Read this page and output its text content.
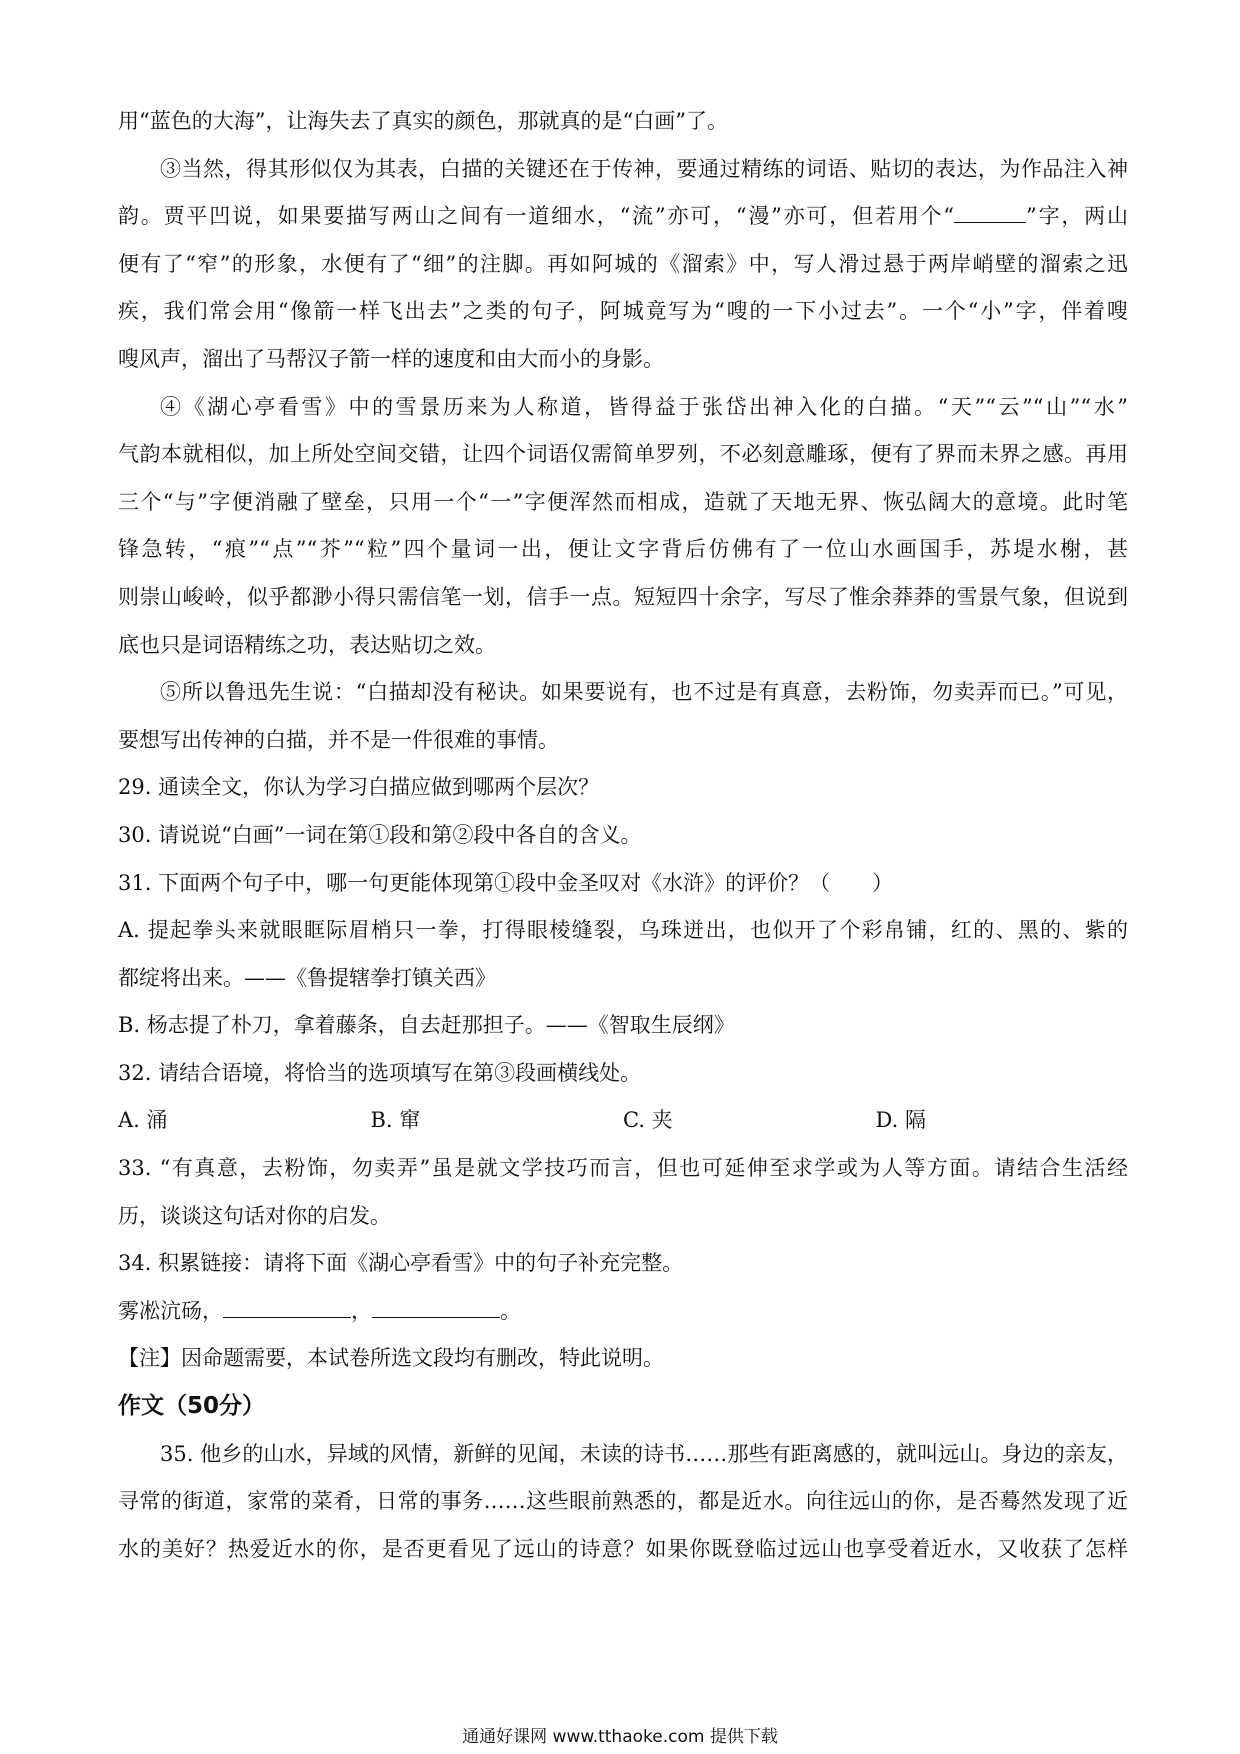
用“蓝色的大海”，让海失去了真实的颜色，那就真的是“白画”了。
③当然，得其形似仅为其表，白描的关键还在于传神，要通过精练的词语、贴切的表达，为作品注入神
韵。贾平凹说，如果要描写两山之间有一道细水，“流”亦可，“漫”亦可，但若用个“	”字，两山
便有了“窄”的形象，水便有了“细”的注脚。再如阿城的《溜索》中，写人滑过悬于两岸峭壁的溜索之迅
疾，我们常会用“像箭一样飞出去”之类的句子，阿城竟写为“嗖的一下小过去”。一个“小”字，伴着嗖
嗖风声，溜出了马帮汉子箭一样的速度和由大而小的身影。
④《湖心亭看雪》中的雪景历来为人称道，皆得益于张岱出神入化的白描。“天”“云”“山”“水”
气韵本就相似，加上所处空间交错，让四个词语仅需简单罗列，不必刻意雕琢，便有了界而未界之感。再用
三个“与”字便消融了壁垒，只用一个“一”字便浑然而相成，造就了天地无界、恢弘阔大的意境。此时笔
锋急转，“痕”“点”“芥”“粒”四个量词一出，便让文字背后仿佛有了一位山水画国手，苏堤水榭，甚
则崇山峻岭，似乎都渺小得只需信笔一划，信手一点。短短四十余字，写尽了惟余莽莽的雪景气象，但说到
底也只是词语精练之功，表达贴切之效。
⑤所以鲁迅先生说：“白描却没有秘诀。如果要说有，也不过是有真意，去粉饰，勿卖弄而已。”可见，
要想写出传神的白描，并不是一件很难的事情。
29. 通读全文，你认为学习白描应做到哪两个层次？
30. 请说说“白画”一词在第①段和第②段中各自的含义。
31. 下面两个句子中，哪一句更能体现第①段中金圣叹对《水浒》的评价？（　　）
A. 提起拳头来就眼眶际眉梢只一拳，打得眼棱缝裂，乌珠迸出，也似开了个彩帛铺，红的、黑的、紫的
都绽将出来。——《鲁提辖拳打镇关西》
B. 杨志提了朴刀，拿着藤条，自去赶那担子。——《智取生辰纲》
32. 请结合语境，将恰当的选项填写在第③段画横线处。
A. 涌	B. 窜	C. 夹	D. 隔
33. “有真意，去粉饰，勿卖弄”虽是就文学技巧而言，但也可延伸至求学或为人等方面。请结合生活经
历，谈谈这句话对你的启发。
34. 积累链接：请将下面《湖心亭看雪》中的句子补充完整。
雾凇沆砀，	，	。
【注】因命题需要，本试卷所选文段均有删改，特此说明。
作文（50分）
35. 他乡的山水，异域的风情，新鲜的见闻，未读的诗书……那些有距离感的，就叫远山。身边的亲友，
寻常的街道，家常的菜肴，日常的事务……这些眼前熟悉的，都是近水。向往远山的你，是否蓦然发现了近
水的美好？热爱近水的你，是否更看见了远山的诗意？如果你既登临过远山也享受着近水，又收获了怎样
通通好课网 www.tthaoke.com 提供下载
